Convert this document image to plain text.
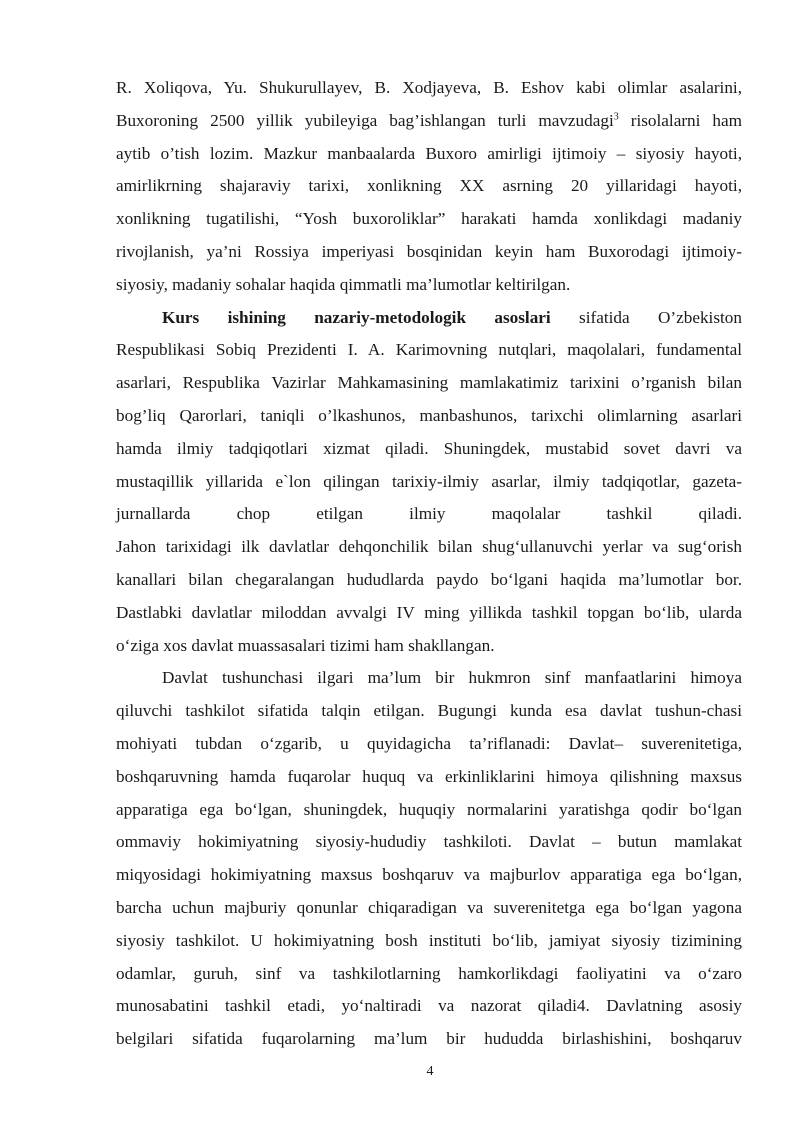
R. Xoliqova, Yu. Shukurullayev, B. Xodjayeva, B. Eshov kabi olimlar asalarini,
Buxoroning 2500 yillik yubileyiga bag’ishlangan turli mavzudagi$^3$ risolalarni ham
aytib o’tish lozim. Mazkur manbaalarda Buxoro amirligi ijtimoiy – siyosiy hayoti,
amirlikrning shajaraviy tarixi, xonlikning XX asrning 20 yillaridagi hayoti,
xonlikning tugatilishi, “Yosh buxoroliklar” harakati hamda xonlikdagi madaniy
rivojlanish, ya’ni Rossiya imperiyasi bosqinidan keyin ham Buxorodagi ijtimoiy-
siyosiy, madaniy sohalar haqida qimmatli ma’lumotlar keltirilgan.
Kurs ishining nazariy-metodologik asoslari sifatida O’zbekiston
Respublikasi Sobiq Prezidenti I. A. Karimovning nutqlari, maqolalari, fundamental
asarlari, Respublika Vazirlar Mahkamasining mamlakatimiz tarixini o’rganish bilan
bog’liq Qarorlari, taniqli o’lkashunos, manbashunos, tarixchi olimlarning asarlari
hamda ilmiy tadqiqotlari xizmat qiladi. Shuningdek, mustabid sovet davri va
mustaqillik yillarida e`lon qilingan tarixiy-ilmiy asarlar, ilmiy tadqiqotlar, gazeta-
jurnallarda chop etilgan ilmiy maqolalar tashkil qiladi.
Jahon tarixidagi ilk davlatlar dehqonchilik bilan shug‘ullanuvchi yerlar va sug‘orish
kanallari bilan chegaralangan hududlarda paydo bo‘lgani haqida ma’lumotlar bor.
Dastlabki davlatlar miloddan avvalgi IV ming yillikda tashkil topgan bo‘lib, ularda
o‘ziga xos davlat muassasalari tizimi ham shakllangan.
Davlat tushunchasi ilgari ma’lum bir hukmron sinf manfaatlarini himoya
qiluvchi tashkilot sifatida talqin etilgan. Bugungi kunda esa davlat tushun-chasi
mohiyati tubdan o‘zgarib, u quyidagicha ta’riflanadi: Davlat– suverenitetiga,
boshqaruvning hamda fuqarolar huquq va erkinliklarini himoya qilishning maxsus
apparatiga ega bo‘lgan, shuningdek, huquqiy normalarini yaratishga qodir bo‘lgan
ommaviy hokimiyatning siyosiy-hududiy tashkiloti. Davlat – butun mamlakat
miqyosidagi hokimiyatning maxsus boshqaruv va majburlov apparatiga ega bo‘lgan,
barcha uchun majburiy qonunlar chiqaradigan va suverenitetga ega bo‘lgan yagona
siyosiy tashkilot. U hokimiyatning bosh instituti bo‘lib, jamiyat siyosiy tizimining
odamlar, guruh, sinf va tashkilotlarning hamkorlikdagi faoliyatini va o‘zaro
munosabatini tashkil etadi, yo‘naltiradi va nazorat qiladi4. Davlatning asosiy
belgilari sifatida fuqarolarning ma’lum bir hududda birlashishini, boshqaruv
4
